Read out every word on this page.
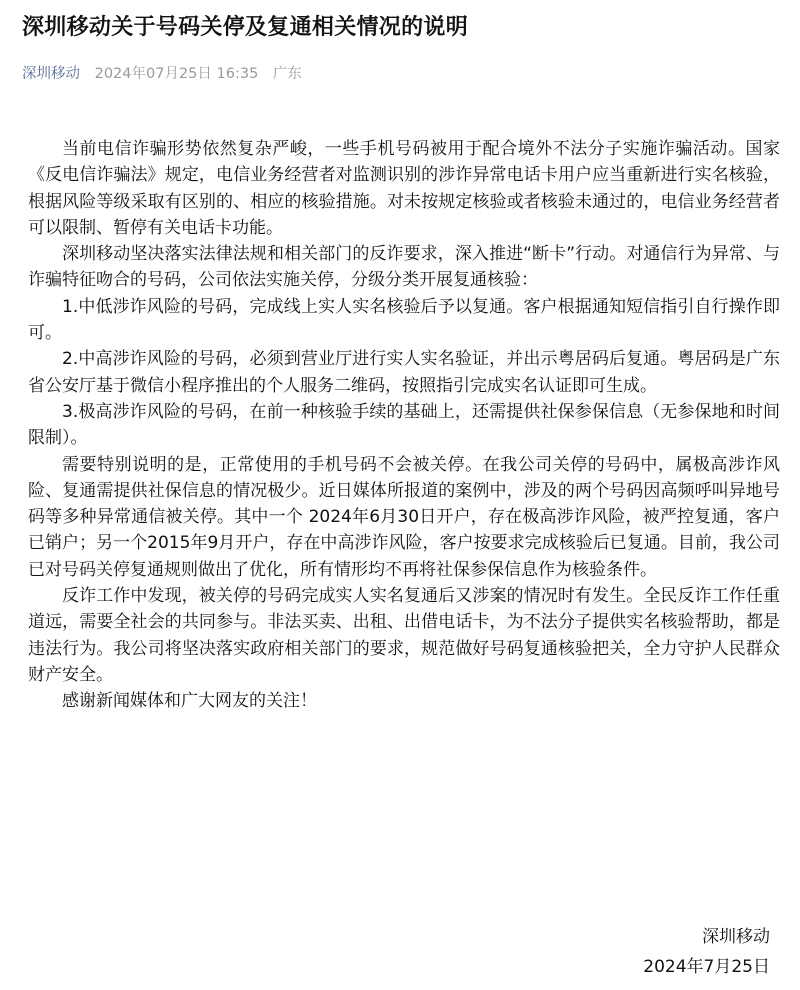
深圳移动关于号码关停及复通相关情况的说明
深圳移动 2024年07月25日 16:35 广东

当前电信诈骗形势依然复杂严峻，一些手机号码被用于配合境外不法分子实施诈骗活动。国家《反电信诈骗法》规定，电信业务经营者对监测识别的涉诈异常电话卡用户应当重新进行实名核验，根据风险等级采取有区别的、相应的核验措施。对未按规定核验或者核验未通过的，电信业务经营者可以限制、暂停有关电话卡功能。

深圳移动坚决落实法律法规和相关部门的反诈要求，深入推进“断卡”行动。对通信行为异常、与诈骗特征吻合的号码，公司依法实施关停，分级分类开展复通核验：

1.中低涉诈风险的号码，完成线上实人实名核验后予以复通。客户根据通知短信指引自行操作即可。

2.中高涉诈风险的号码，必须到营业厅进行实人实名验证，并出示粤居码后复通。粤居码是广东省公安厅基于微信小程序推出的个人服务二维码，按照指引完成实名认证即可生成。

3.极高涉诈风险的号码，在前一种核验手续的基础上，还需提供社保参保信息（无参保地和时间限制）。

需要特别说明的是，正常使用的手机号码不会被关停。在我公司关停的号码中，属极高涉诈风险、复通需提供社保信息的情况极少。近日媒体所报道的案例中，涉及的两个号码因高频呼叫异地号码等多种异常通信被关停。其中一个 2024年6月30日开户，存在极高涉诈风险，被严控复通，客户已销户；另一个2015年9月开户，存在中高涉诈风险，客户按要求完成核验后已复通。目前，我公司已对号码关停复通规则做出了优化，所有情形均不再将社保参保信息作为核验条件。

反诈工作中发现，被关停的号码完成实人实名复通后又涉案的情况时有发生。全民反诈工作任重道远，需要全社会的共同参与。非法买卖、出租、出借电话卡，为不法分子提供实名核验帮助，都是违法行为。我公司将坚决落实政府相关部门的要求，规范做好号码复通核验把关，全力守护人民群众财产安全。

感谢新闻媒体和广大网友的关注！

深圳移动
2024年7月25日
